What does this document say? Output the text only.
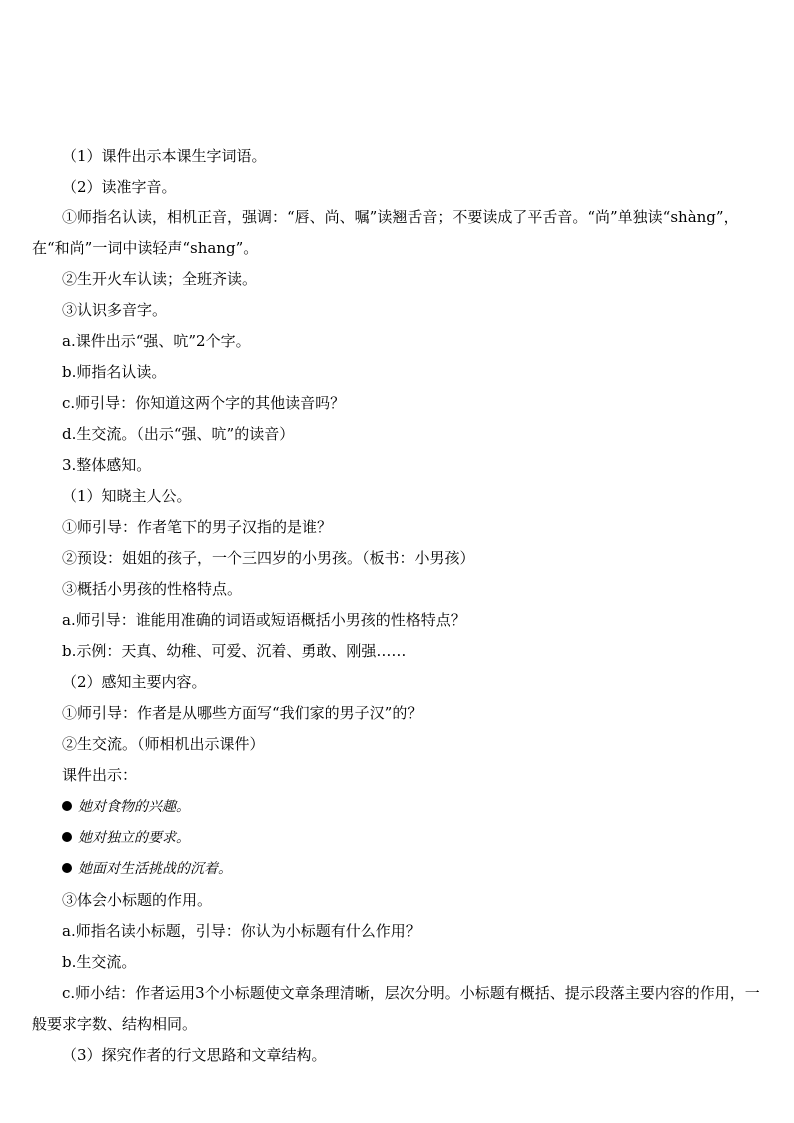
（1）课件出示本课生字词语。
（2）读准字音。
①师指名认读，相机正音，强调：“唇、尚、嘱”读翘舌音；不要读成了平舌音。“尚”单独读“shàng”，在“和尚”一词中读轻声“shang”。
②生开火车认读；全班齐读。
③认识多音字。
a.课件出示“强、吭”2个字。
b.师指名认读。
c.师引导：你知道这两个字的其他读音吗？
d.生交流。（出示“强、吭”的读音）
3.整体感知。
（1）知晓主人公。
①师引导：作者笔下的男子汉指的是谁？
②预设：姐姐的孩子，一个三四岁的小男孩。（板书：小男孩）
③概括小男孩的性格特点。
a.师引导：谁能用准确的词语或短语概括小男孩的性格特点？
b.示例：天真、幼稚、可爱、沉着、勇敢、刚强……
（2）感知主要内容。
①师引导：作者是从哪些方面写“我们家的男子汉”的？
②生交流。（师相机出示课件）
课件出示：
她对食物的兴趣。
她对独立的要求。
她面对生活挑战的沉着。
③体会小标题的作用。
a.师指名读小标题，引导：你认为小标题有什么作用？
b.生交流。
c.师小结：作者运用3个小标题使文章条理清晰，层次分明。小标题有概括、提示段落主要内容的作用，一般要求字数、结构相同。
（3）探究作者的行文思路和文章结构。
